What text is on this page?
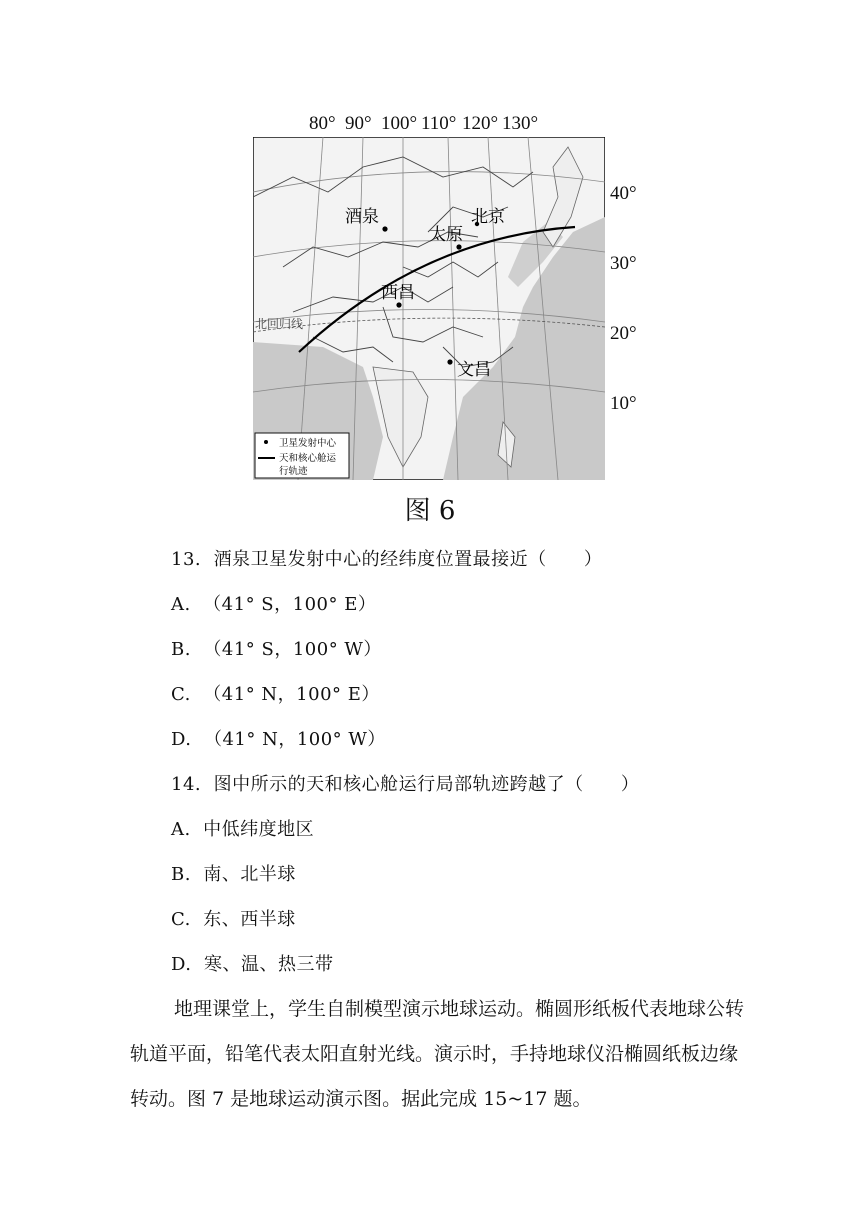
80° 90° 100° 110° 120° 130°
40°
30°
20°
10°
酒泉	北京
太原
西昌
文昌
北回归线
卫星发射中心
天和核心舱运
行轨迹
图 6
13.  酒泉卫星发射中心的经纬度位置最接近（      ）
A.  （41° S，100° E）
B.  （41° S，100° W）
C.  （41° N，100° E）
D.  （41° N，100° W）
14.  图中所示的天和核心舱运行局部轨迹跨越了（      ）
A.  中低纬度地区
B.  南、北半球
C.  东、西半球
D.  寒、温、热三带
地理课堂上，学生自制模型演示地球运动。椭圆形纸板代表地球公转轨道平面，铅笔代表太阳直射光线。演示时，手持地球仪沿椭圆纸板边缘转动。图 7 是地球运动演示图。据此完成 15~17 题。
